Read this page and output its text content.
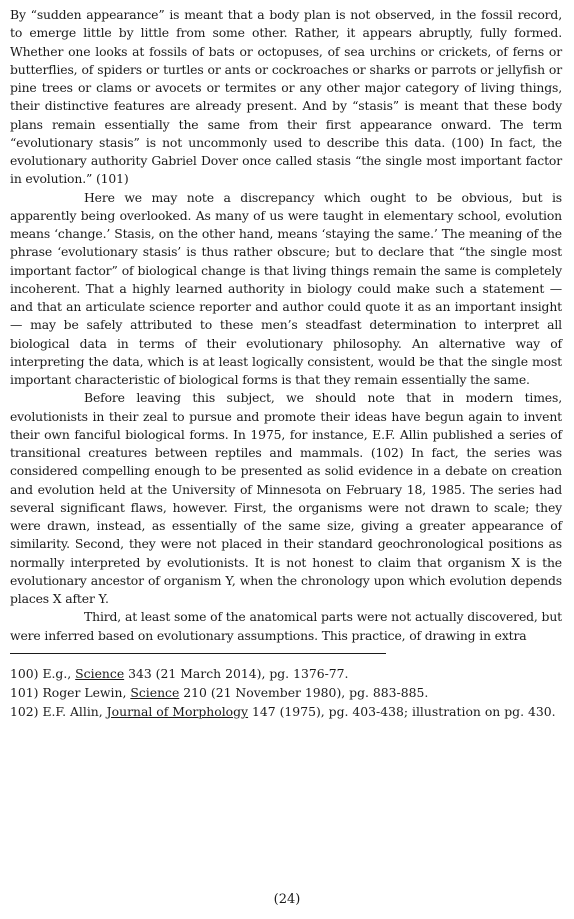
By “sudden appearance” is meant that a body plan is not observed, in the fossil record, to emerge little by little from some other. Rather, it appears abruptly, fully formed. Whether one looks at fossils of bats or octopuses, of sea urchins or crickets, of ferns or butterflies, of spiders or turtles or ants or cockroaches or sharks or parrots or jellyfish or pine trees or clams or avocets or termites or any other major category of living things, their distinctive features are already present. And by “stasis” is meant that these body plans remain essentially the same from their first appearance onward. The term “evolutionary stasis” is not uncommonly used to describe this data. (100) In fact, the evolutionary authority Gabriel Dover once called stasis “the single most important factor in evolution.” (101)

Here we may note a discrepancy which ought to be obvious, but is apparently being overlooked. As many of us were taught in elementary school, evolution means ‘change.’ Stasis, on the other hand, means ‘staying the same.’ The meaning of the phrase ‘evolutionary stasis’ is thus rather obscure; but to declare that “the single most important factor” of biological change is that living things remain the same is completely incoherent. That a highly learned authority in biology could make such a statement — and that an articulate science reporter and author could quote it as an important insight — may be safely attributed to these men’s steadfast determination to interpret all biological data in terms of their evolutionary philosophy. An alternative way of interpreting the data, which is at least logically consistent, would be that the single most important characteristic of biological forms is that they remain essentially the same.

Before leaving this subject, we should note that in modern times, evolutionists in their zeal to pursue and promote their ideas have begun again to invent their own fanciful biological forms. In 1975, for instance, E.F. Allin published a series of transitional creatures between reptiles and mammals. (102) In fact, the series was considered compelling enough to be presented as solid evidence in a debate on creation and evolution held at the University of Minnesota on February 18, 1985. The series had several significant flaws, however. First, the organisms were not drawn to scale; they were drawn, instead, as essentially of the same size, giving a greater appearance of similarity. Second, they were not placed in their standard geochronological positions as normally interpreted by evolutionists. It is not honest to claim that organism X is the evolutionary ancestor of organism Y, when the chronology upon which evolution depends places X after Y.

Third, at least some of the anatomical parts were not actually discovered, but were inferred based on evolutionary assumptions. This practice, of drawing in extra

100) E.g., Science 343 (21 March 2014), pg. 1376-77.

101) Roger Lewin, Science 210 (21 November 1980), pg. 883-885.

102) E.F. Allin, Journal of Morphology 147 (1975), pg. 403-438; illustration on pg. 430.

(24)
